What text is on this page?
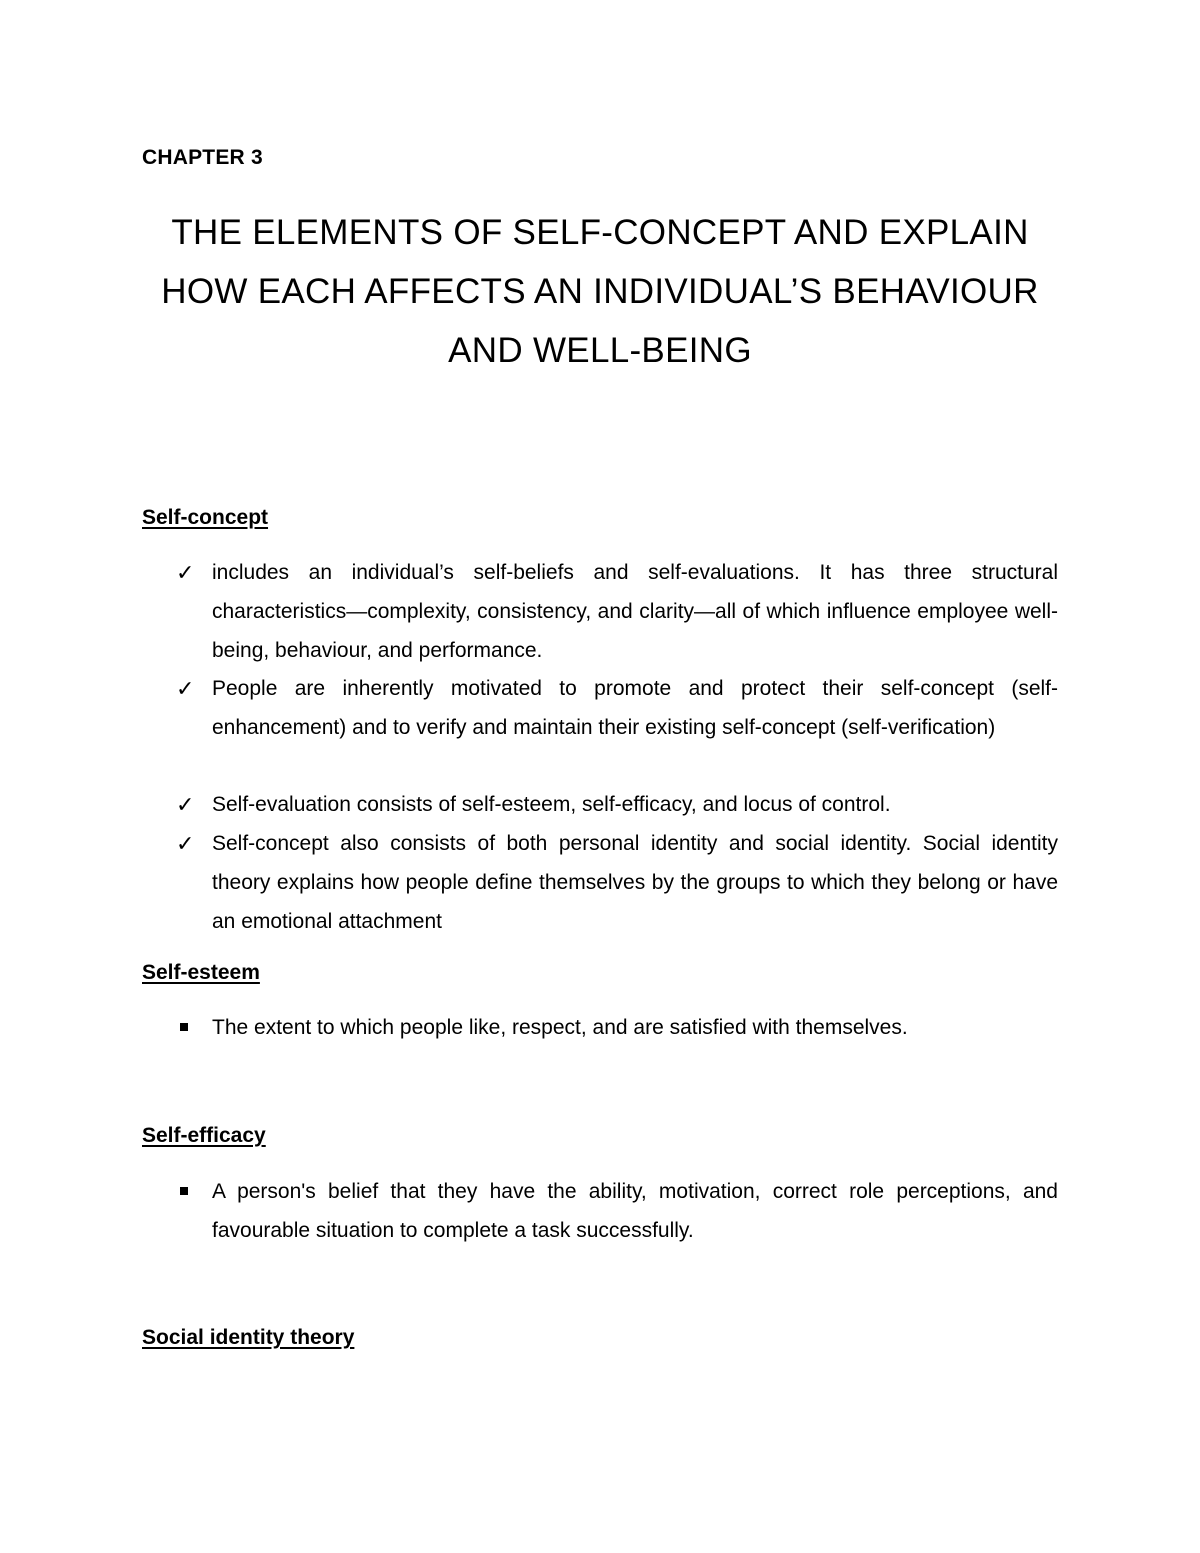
CHAPTER 3
THE ELEMENTS OF SELF-CONCEPT AND EXPLAIN
HOW EACH AFFECTS AN INDIVIDUAL’S BEHAVIOUR
AND WELL-BEING
Self-concept
✓ includes an individual’s self-beliefs and self-evaluations. It has three structural characteristics—complexity, consistency, and clarity—all of which influence employee well-being, behaviour, and performance.
✓ People are inherently motivated to promote and protect their self-concept (self-enhancement) and to verify and maintain their existing self-concept (self-verification)
✓ Self-evaluation consists of self-esteem, self-efficacy, and locus of control.
✓ Self-concept also consists of both personal identity and social identity. Social identity theory explains how people define themselves by the groups to which they belong or have an emotional attachment
Self-esteem
The extent to which people like, respect, and are satisfied with themselves.
Self-efficacy
A person's belief that they have the ability, motivation, correct role perceptions, and favourable situation to complete a task successfully.
Social identity theory
